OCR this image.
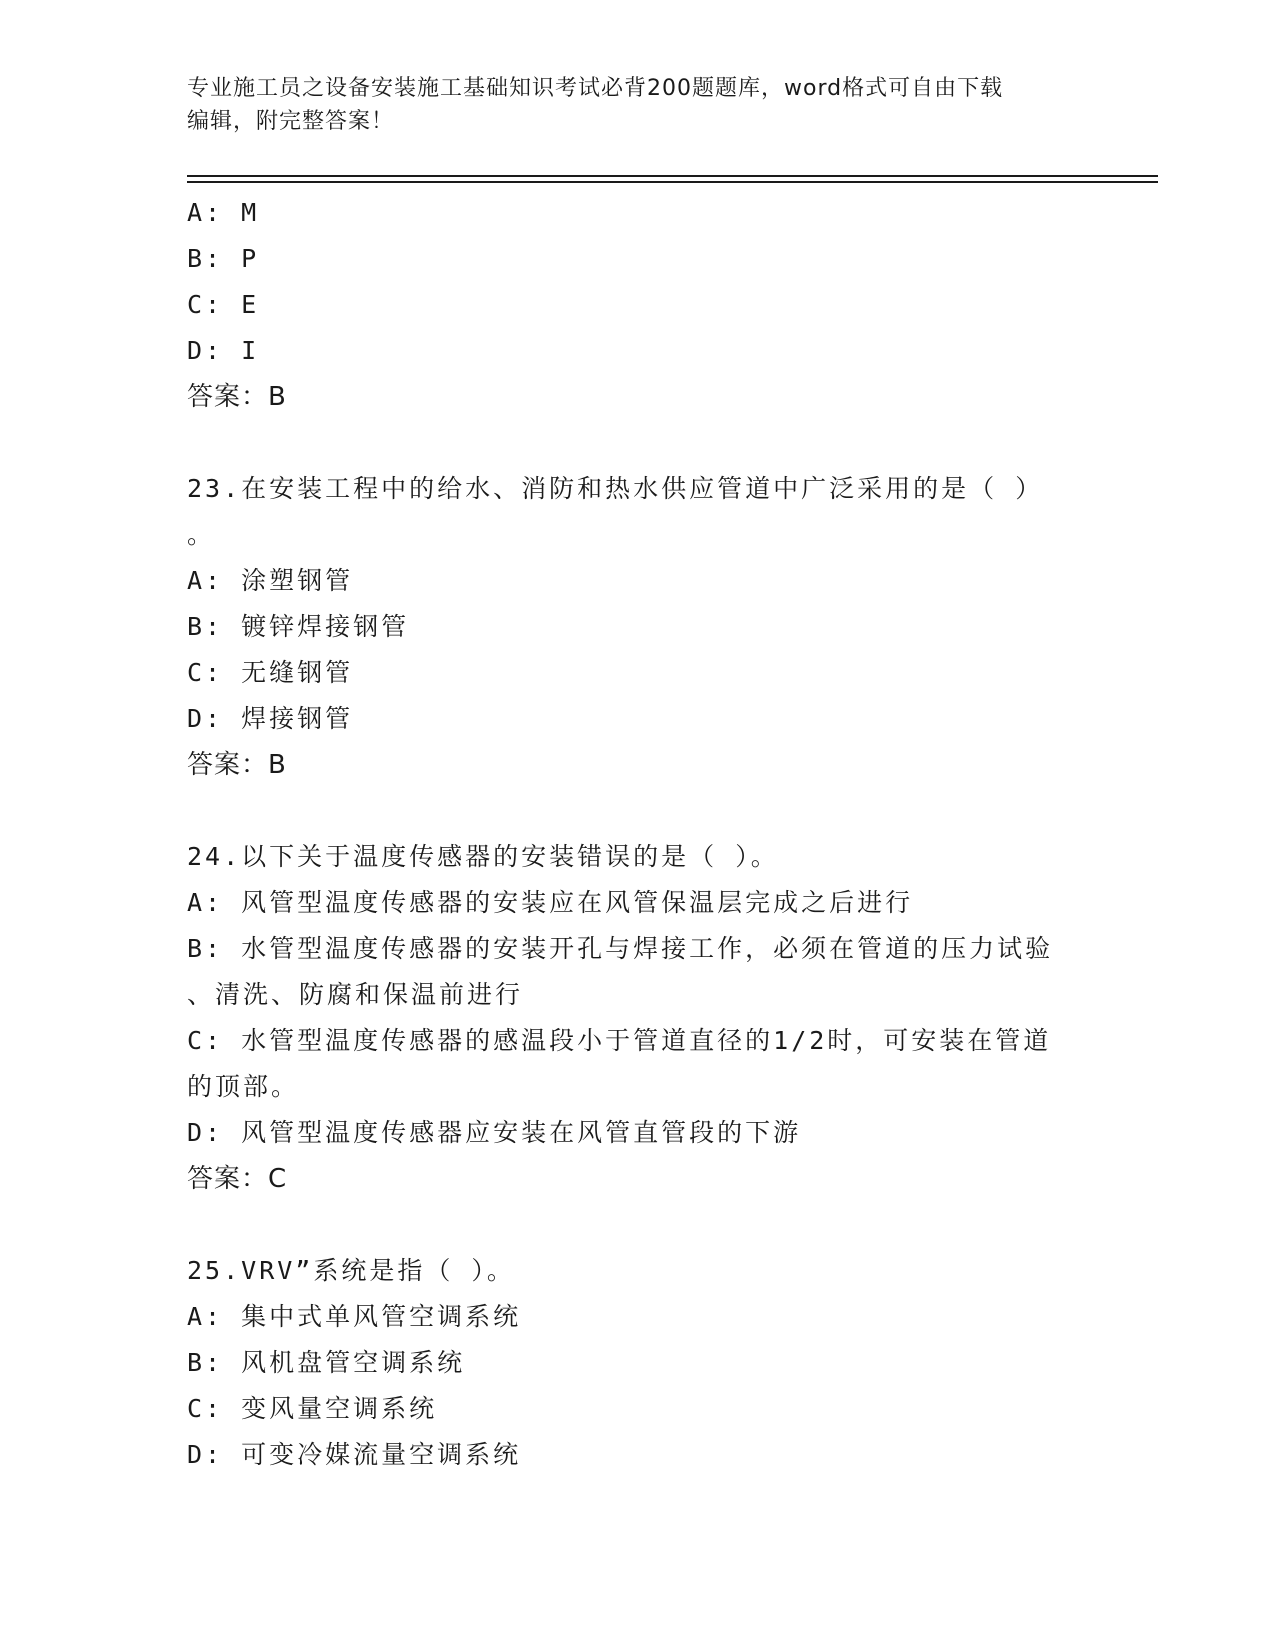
专业施工员之设备安装施工基础知识考试必背200题题库，word格式可自由下载
编辑，附完整答案！
A: M
B: P
C: E
D: I
答案：B
23.在安装工程中的给水、消防和热水供应管道中广泛采用的是（ ）
。
A: 涂塑钢管
B: 镀锌焊接钢管
C: 无缝钢管
D: 焊接钢管
答案：B
24.以下关于温度传感器的安装错误的是（ ）。
A: 风管型温度传感器的安装应在风管保温层完成之后进行
B: 水管型温度传感器的安装开孔与焊接工作，必须在管道的压力试验
、清洗、防腐和保温前进行
C: 水管型温度传感器的感温段小于管道直径的1/2时，可安装在管道
的顶部。
D: 风管型温度传感器应安装在风管直管段的下游
答案：C
25.VRV”系统是指（ ）。
A: 集中式单风管空调系统
B: 风机盘管空调系统
C: 变风量空调系统
D: 可变冷媒流量空调系统
